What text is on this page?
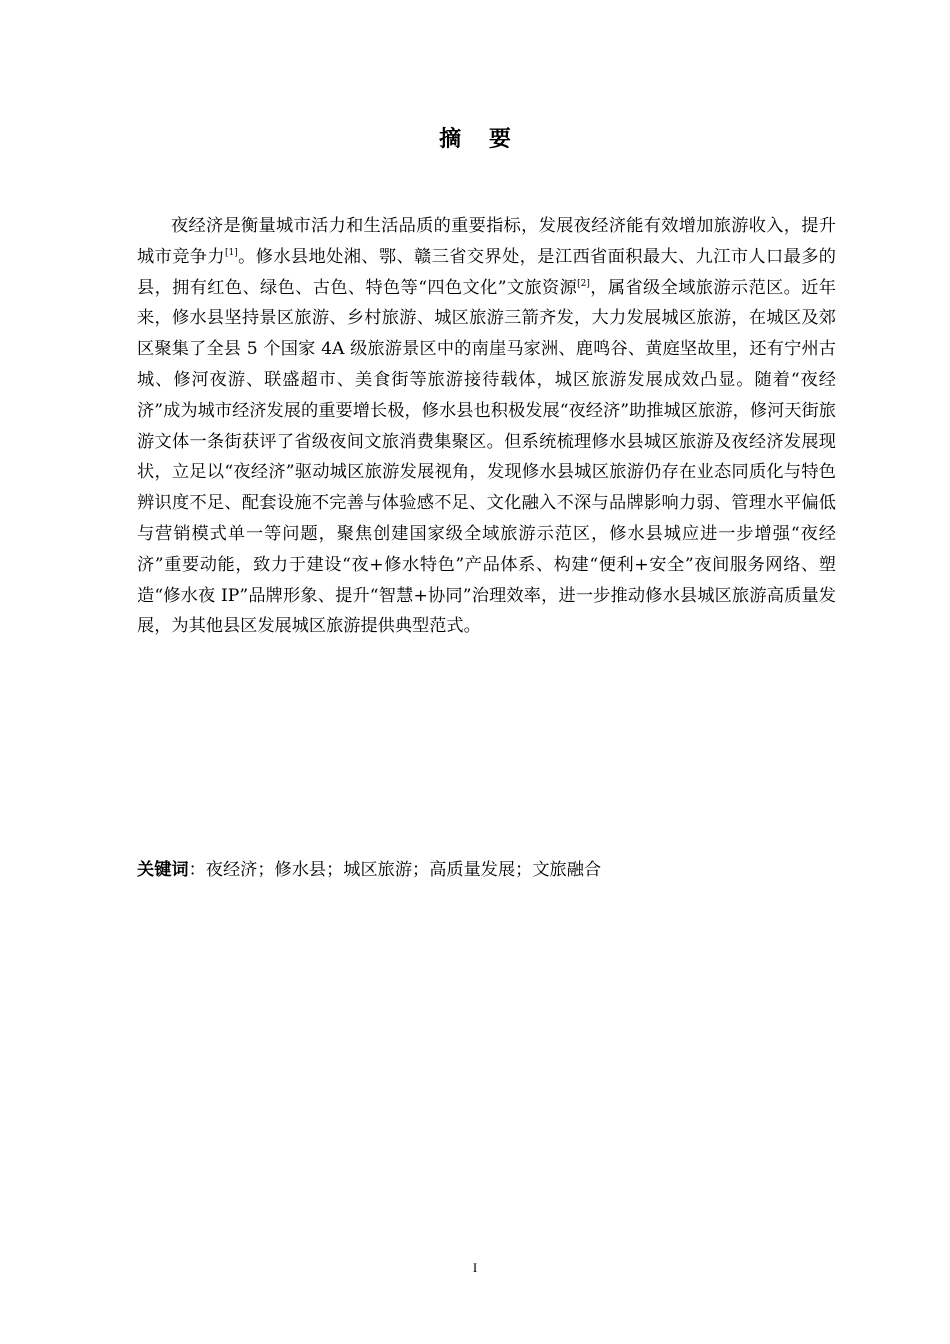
摘 要

夜经济是衡量城市活力和生活品质的重要指标，发展夜经济能有效增加旅游收入，提升城市竞争力[1]。修水县地处湘、鄂、赣三省交界处，是江西省面积最大、九江市人口最多的县，拥有红色、绿色、古色、特色等“四色文化”文旅资源[2]，属省级全域旅游示范区。近年来，修水县坚持景区旅游、乡村旅游、城区旅游三箭齐发，大力发展城区旅游，在城区及郊区聚集了全县 5 个国家 4A 级旅游景区中的南崖马家洲、鹿鸣谷、黄庭坚故里，还有宁州古城、修河夜游、联盛超市、美食街等旅游接待载体，城区旅游发展成效凸显。随着“夜经济”成为城市经济发展的重要增长极，修水县也积极发展“夜经济”助推城区旅游，修河天街旅游文体一条街获评了省级夜间文旅消费集聚区。但系统梳理修水县城区旅游及夜经济发展现状，立足以“夜经济”驱动城区旅游发展视角，发现修水县城区旅游仍存在业态同质化与特色辨识度不足、配套设施不完善与体验感不足、文化融入不深与品牌影响力弱、管理水平偏低与营销模式单一等问题，聚焦创建国家级全域旅游示范区，修水县城应进一步增强“夜经济”重要动能，致力于建设“夜+修水特色”产品体系、构建“便利+安全”夜间服务网络、塑造“修水夜 IP”品牌形象、提升“智慧+协同”治理效率，进一步推动修水县城区旅游高质量发展，为其他县区发展城区旅游提供典型范式。

关键词：夜经济；修水县；城区旅游；高质量发展；文旅融合

I
